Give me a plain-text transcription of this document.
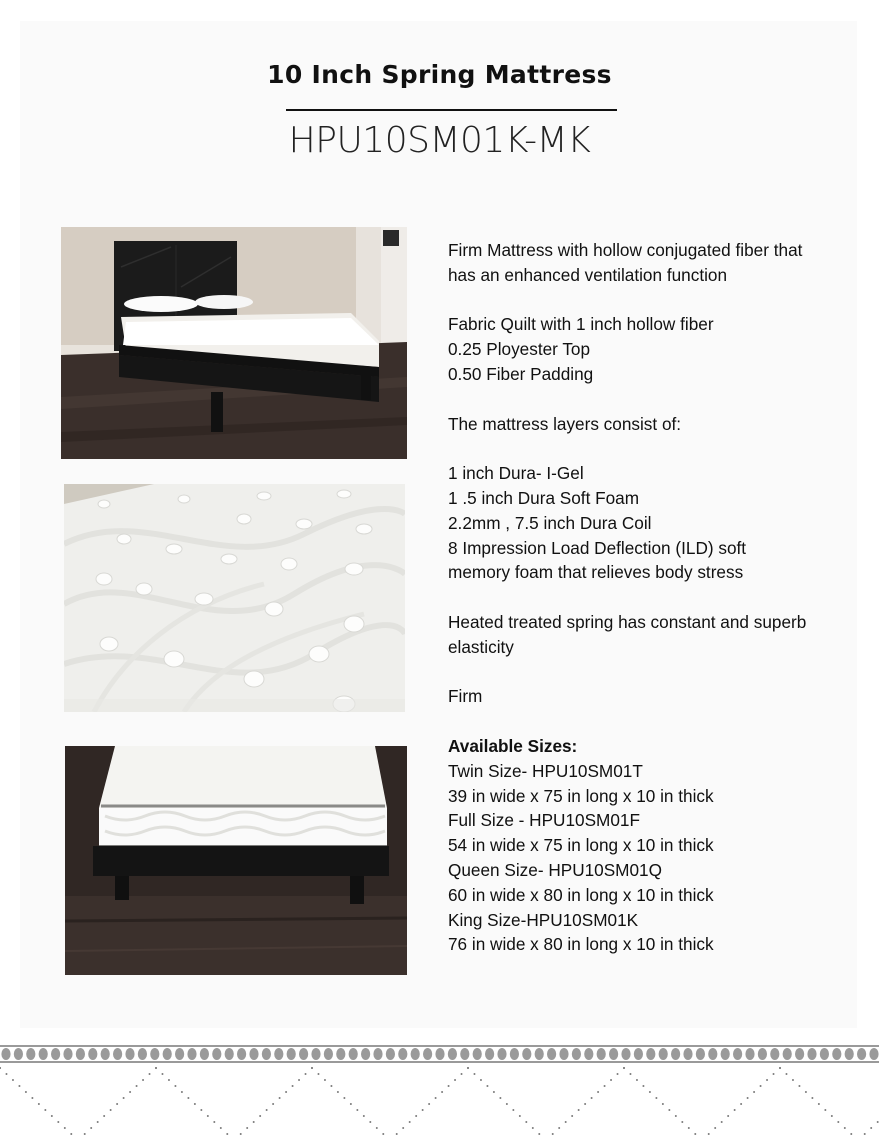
10 Inch Spring Mattress
HPU10SM01K-MK

Firm Mattress with hollow conjugated fiber that

has an enhanced ventilation function

Fabric Quilt with 1 inch hollow fiber

0.25 Ployester Top

0.50 Fiber Padding

The mattress layers consist of:

1 inch Dura- I-Gel

1 .5 inch Dura Soft Foam

2.2mm , 7.5 inch Dura Coil

8 Impression Load Deflection (ILD) soft

memory foam that relieves body stress

Heated treated spring has constant and superb

elasticity

Firm

Available Sizes:

Twin Size- HPU10SM01T

39 in wide x 75 in long x 10 in thick

Full Size - HPU10SM01F

54 in wide x 75 in long x 10 in thick

Queen Size- HPU10SM01Q

60 in wide x 80 in long x 10 in thick

King Size-HPU10SM01K

76 in wide x 80 in long x 10 in thick
